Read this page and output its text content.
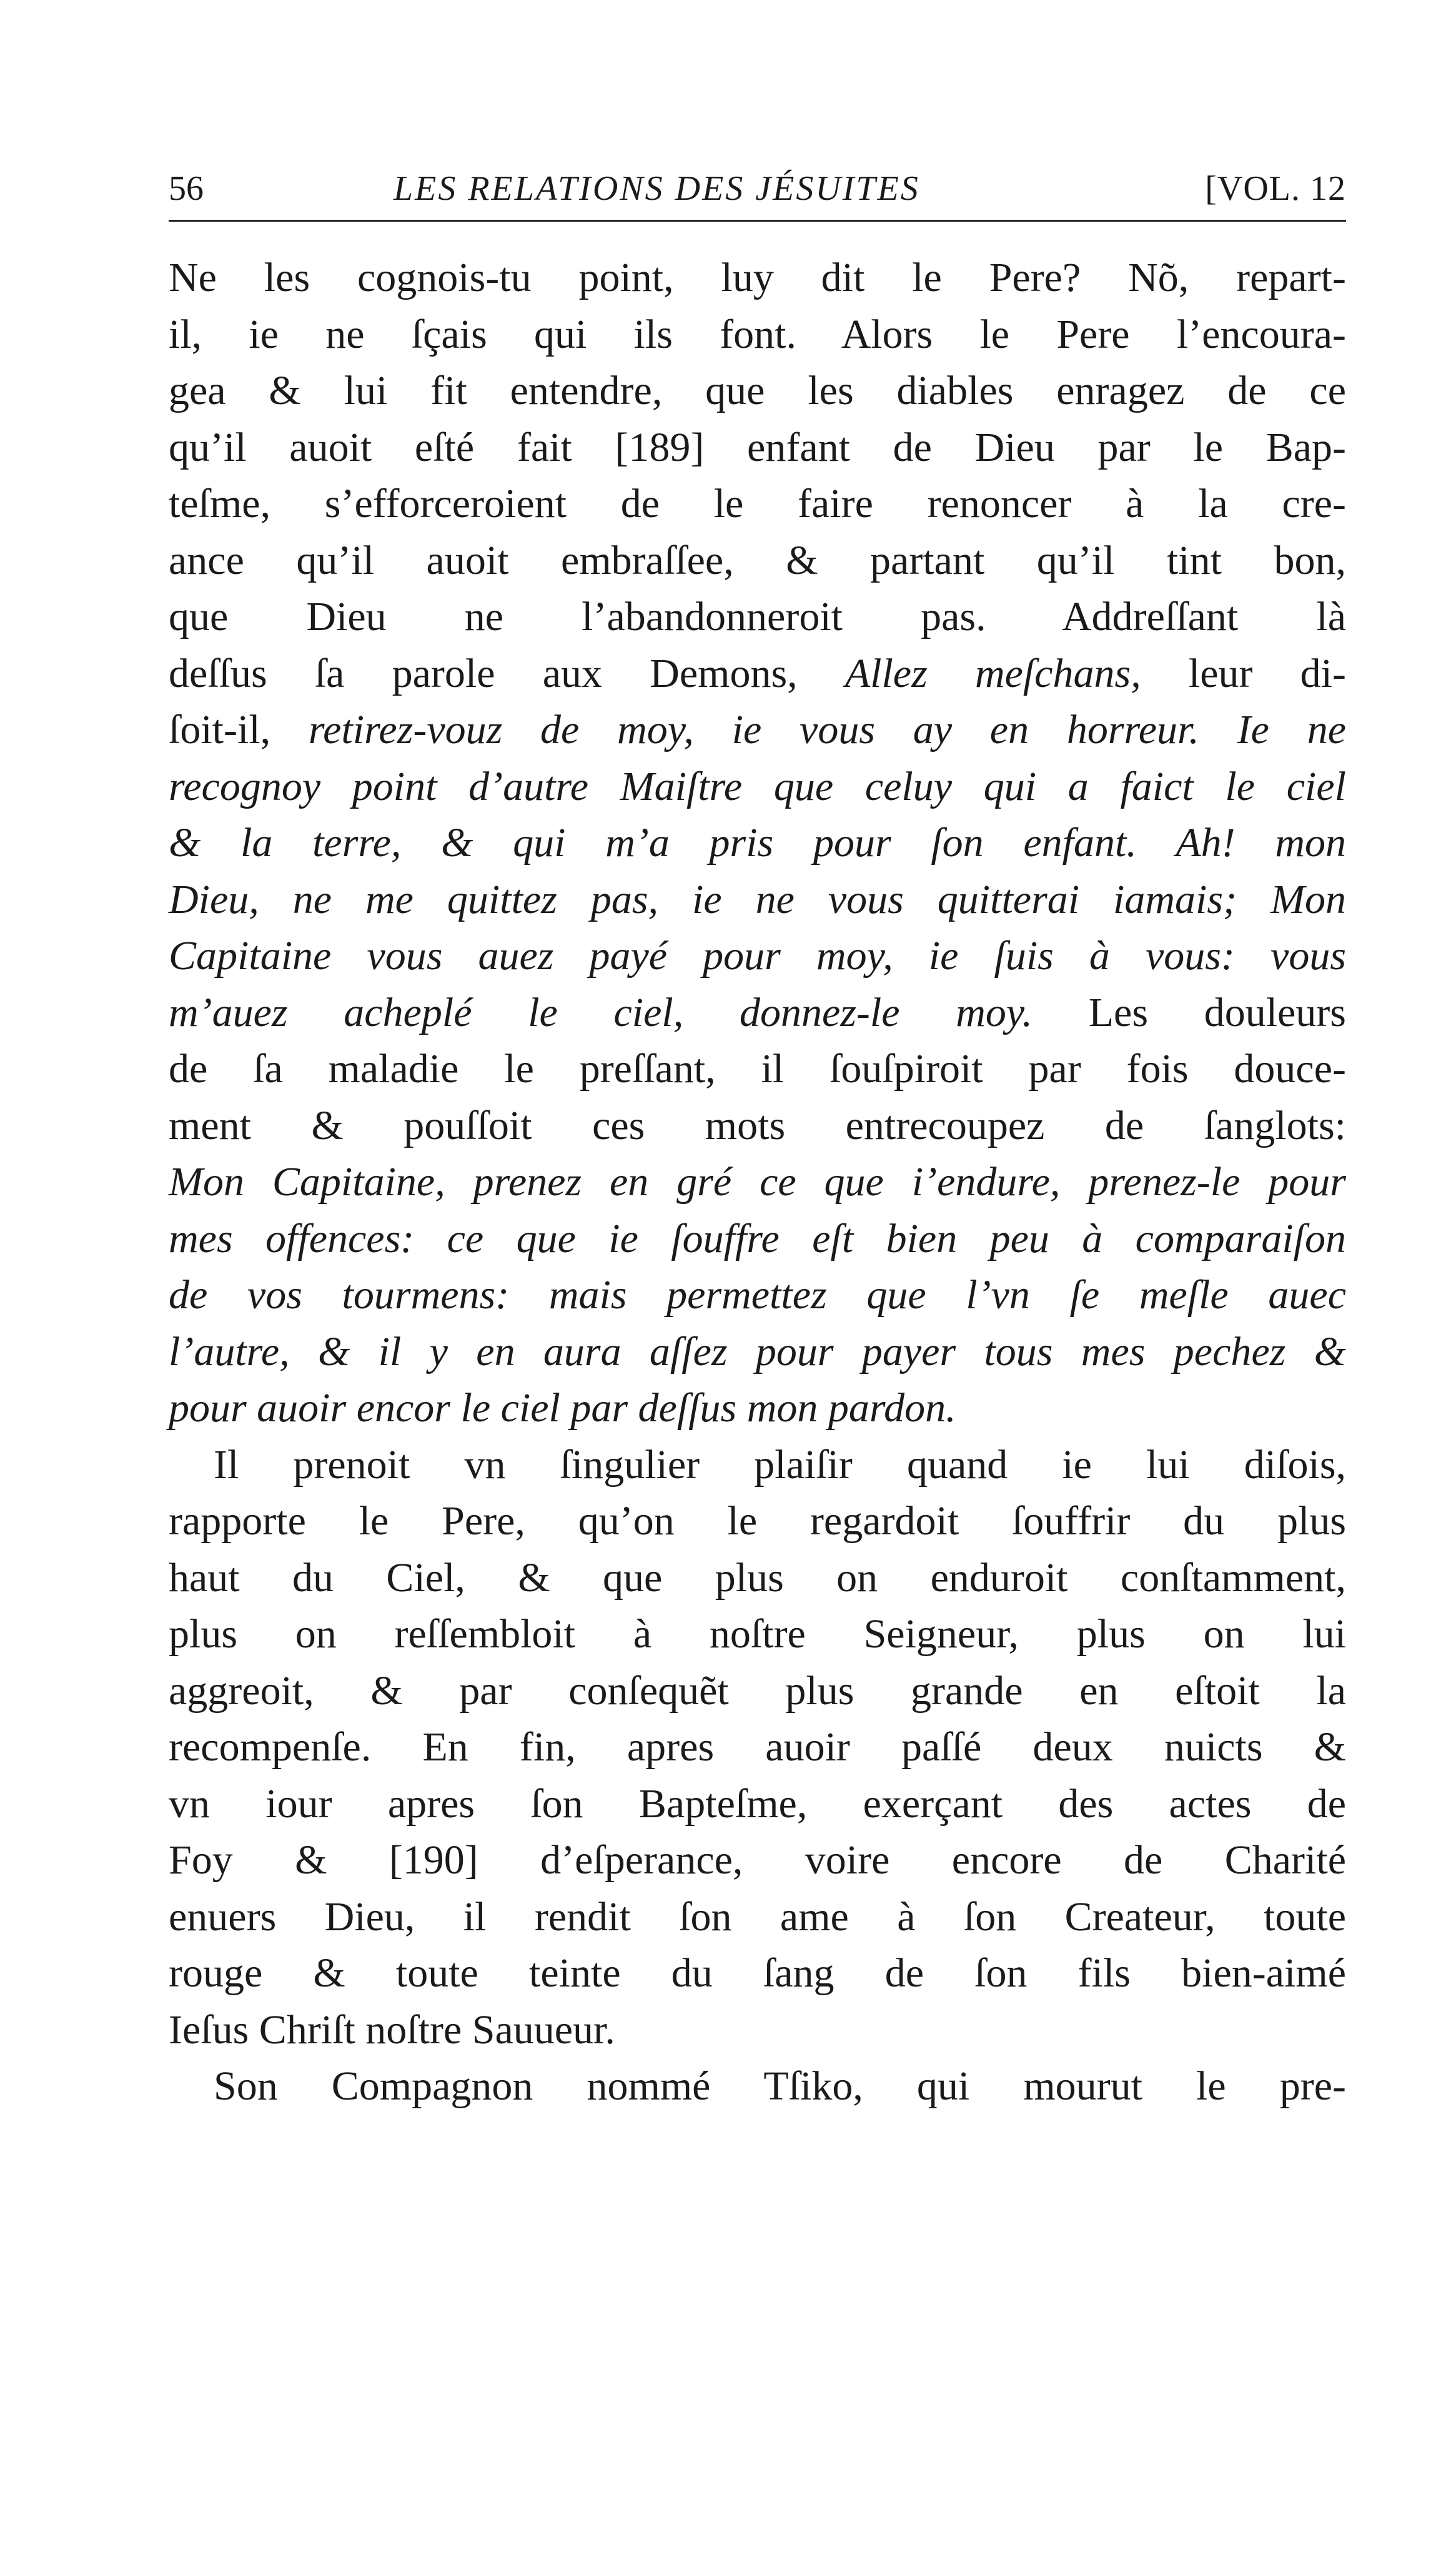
56	LES RELATIONS DES JÉSUITES	[VOL. 12
Ne les cognois-tu point, luy dit le Pere? Nõ, repart-
il, ie ne ſçais qui ils font. Alors le Pere l’encoura-
gea & lui fit entendre, que les diables enragez de ce
qu’il auoit eſté fait [189] enfant de Dieu par le Bap-
teſme, s’efforceroient de le faire renoncer à la cre-
ance qu’il auoit embraſſee, & partant qu’il tint bon,
que Dieu ne l’abandonneroit pas. Addreſſant là
deſſus ſa parole aux Demons, Allez meſchans, leur di-
ſoit-il, retirez-vouz de moy, ie vous ay en horreur. Ie ne
recognoy point d’autre Maiſtre que celuy qui a faict le ciel
& la terre, & qui m’a pris pour ſon enfant. Ah! mon
Dieu, ne me quittez pas, ie ne vous quitterai iamais; Mon
Capitaine vous auez payé pour moy, ie ſuis à vous: vous
m’auez acheplé le ciel, donnez-le moy. Les douleurs
de ſa maladie le preſſant, il ſouſpiroit par fois douce-
ment & pouſſoit ces mots entrecoupez de ſanglots:
Mon Capitaine, prenez en gré ce que i’endure, prenez-le pour
mes offences: ce que ie ſouffre eſt bien peu à comparaiſon
de vos tourmens: mais permettez que l’vn ſe meſle auec
l’autre, & il y en aura aſſez pour payer tous mes pechez &
pour auoir encor le ciel par deſſus mon pardon.
Il prenoit vn ſingulier plaiſir quand ie lui diſois,
rapporte le Pere, qu’on le regardoit ſouffrir du plus
haut du Ciel, & que plus on enduroit conſtamment,
plus on reſſembloit à noſtre Seigneur, plus on lui
aggreoit, & par conſequẽt plus grande en eſtoit la
recompenſe. En fin, apres auoir paſſé deux nuicts &
vn iour apres ſon Bapteſme, exerçant des actes de
Foy & [190] d’eſperance, voire encore de Charité
enuers Dieu, il rendit ſon ame à ſon Createur, toute
rouge & toute teinte du ſang de ſon fils bien-aimé
Ieſus Chriſt noſtre Sauueur.
Son Compagnon nommé Tſiko, qui mourut le pre-
